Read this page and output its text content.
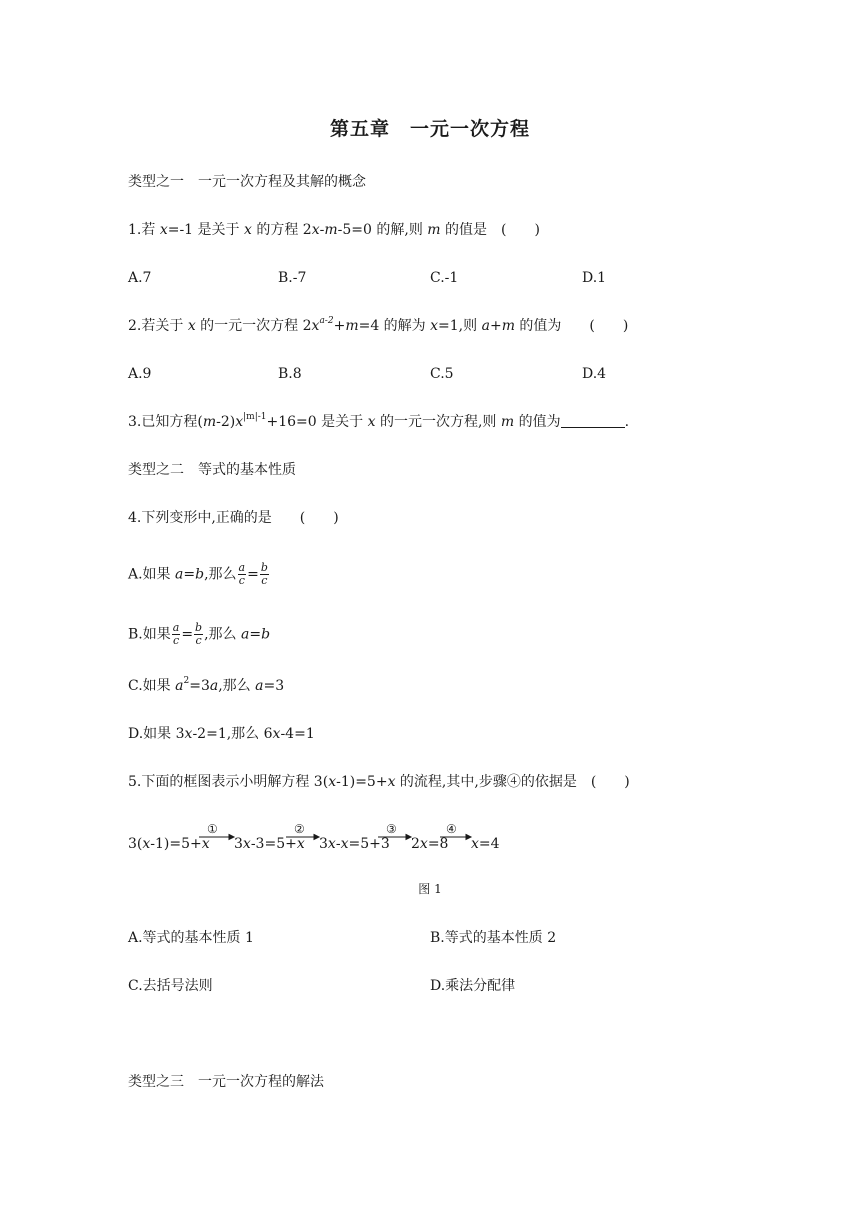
第五章　一元一次方程
类型之一　一元一次方程及其解的概念
1.若 x=-1 是关于 x 的方程 2x-m-5=0 的解,则 m 的值是　(　　)
A.7	B.-7	C.-1	D.1
2.若关于 x 的一元一次方程 $2x^{a-2}+m=4$ 的解为 x=1,则 a+m 的值为　　(　　)
A.9	B.8	C.5	D.4
3.已知方程$(m-2)x^{|m|-1}+16=0$ 是关于 x 的一元一次方程,则 m 的值为	.
类型之二　等式的基本性质
4.下列变形中,正确的是　　(　　)
A.如果 a=b,那么 $\frac{a}{c} = \frac{b}{c}$
B.如果 $\frac{a}{c} = \frac{b}{c}$ ,那么 a=b
C.如果 $a^2=3a$,那么 a=3
D.如果 3x-2=1,那么 6x-4=1
5.下面的框图表示小明解方程 3(x-1)=5+x 的流程,其中,步骤④的依据是　(　　)
①	②	③	④
3(x-1)=5+x 3x-3=5+x 3x-x=5+3 2x=8 x=4
图 1
A.等式的基本性质 1	B.等式的基本性质 2
C.去括号法则	D.乘法分配律
类型之三　一元一次方程的解法
